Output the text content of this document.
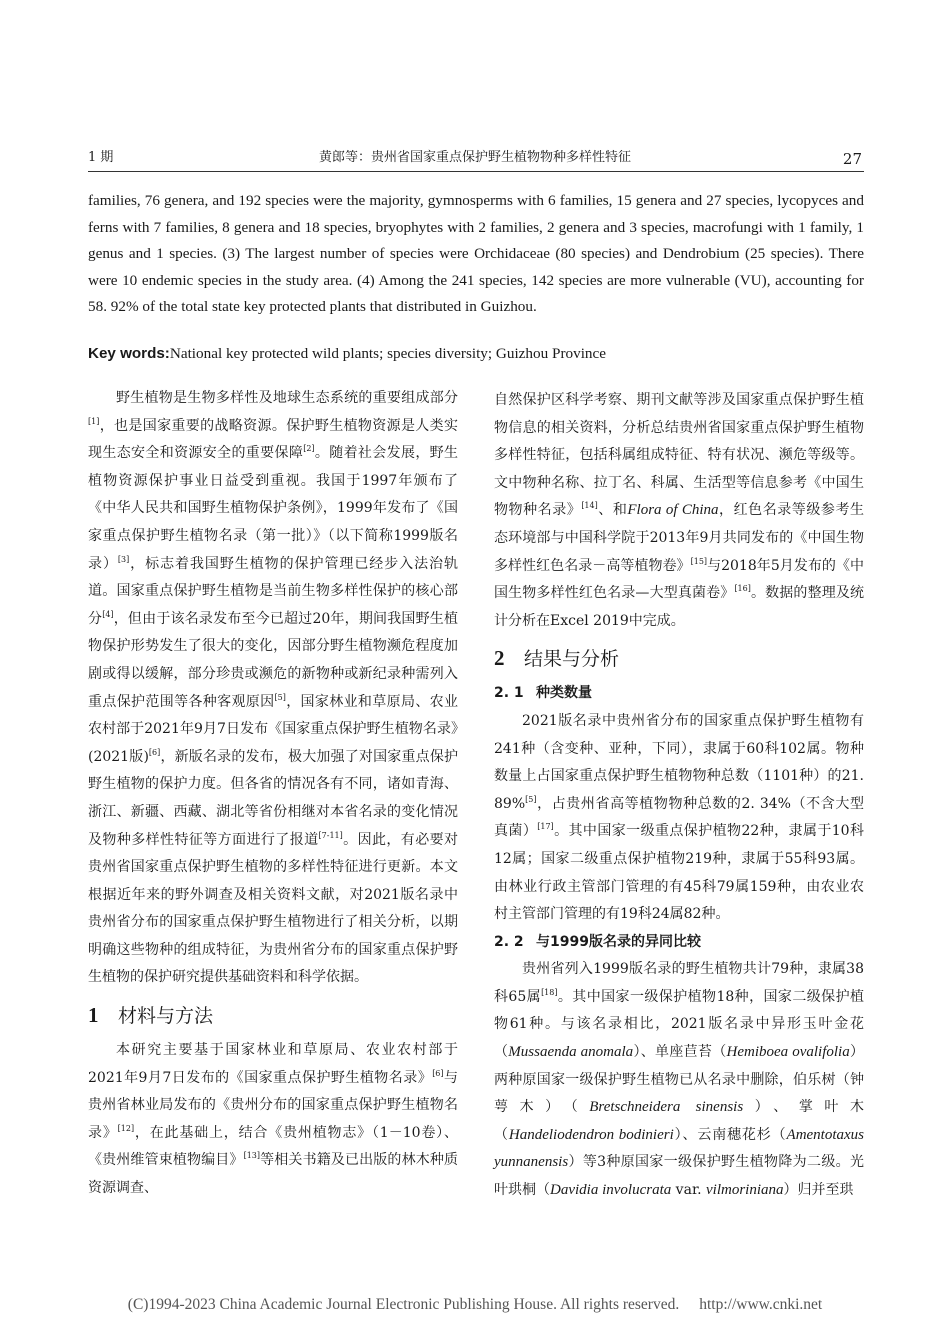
1 期	黄郎等：贵州省国家重点保护野生植物物种多样性特征	27
families, 76 genera, and 192 species were the majority, gymnosperms with 6 families, 15 genera and 27 species, lycopyces and ferns with 7 families, 8 genera and 18 species, bryophytes with 2 families, 2 genera and 3 species, macrofungi with 1 family, 1 genus and 1 species. (3) The largest number of species were Orchidaceae (80 species) and Dendrobium (25 species). There were 10 endemic species in the study area. (4) Among the 241 species, 142 species are more vulnerable (VU), accounting for 58. 92% of the total state key protected plants that distributed in Guizhou.
Key words:National key protected wild plants; species diversity; Guizhou Province

野生植物是生物多样性及地球生态系统的重要组成部分[1]，也是国家重要的战略资源。保护野生植物资源是人类实现生态安全和资源安全的重要保障[2]。随着社会发展，野生植物资源保护事业日益受到重视。我国于1997年颁布了《中华人民共和国野生植物保护条例》，1999年发布了《国家重点保护野生植物名录（第一批）》（以下简称1999版名录）[3]，标志着我国野生植物的保护管理已经步入法治轨道。国家重点保护野生植物是当前生物多样性保护的核心部分[4]，但由于该名录发布至今已超过20年，期间我国野生植物保护形势发生了很大的变化，因部分野生植物濒危程度加剧或得以缓解，部分珍贵或濒危的新物种或新纪录种需列入重点保护范围等各种客观原因[5]，国家林业和草原局、农业农村部于2021年9月7日发布《国家重点保护野生植物名录》(2021版)[6]，新版名录的发布，极大加强了对国家重点保护野生植物的保护力度。但各省的情况各有不同，诸如青海、浙江、新疆、西藏、湖北等省份相继对本省名录的变化情况及物种多样性特征等方面进行了报道[7-11]。因此，有必要对贵州省国家重点保护野生植物的多样性特征进行更新。本文根据近年来的野外调查及相关资料文献，对2021版名录中贵州省分布的国家重点保护野生植物进行了相关分析，以期明确这些物种的组成特征，为贵州省分布的国家重点保护野生植物的保护研究提供基础资料和科学依据。

1 材料与方法

本研究主要基于国家林业和草原局、农业农村部于2021年9月7日发布的《国家重点保护野生植物名录》[6]与贵州省林业局发布的《贵州分布的国家重点保护野生植物名录》[12]，在此基础上，结合《贵州植物志》（1－10卷）、《贵州维管束植物编目》[13]等相关书籍及已出版的林木种质资源调查、

自然保护区科学考察、期刊文献等涉及国家重点保护野生植物信息的相关资料，分析总结贵州省国家重点保护野生植物多样性特征，包括科属组成特征、特有状况、濒危等级等。文中物种名称、拉丁名、科属、生活型等信息参考《中国生物物种名录》[14]、和Flora of China，红色名录等级参考生态环境部与中国科学院于2013年9月共同发布的《中国生物多样性红色名录－高等植物卷》[15]与2018年5月发布的《中国生物多样性红色名录—大型真菌卷》[16]。数据的整理及统计分析在Excel 2019中完成。

2 结果与分析
2. 1 种类数量

2021版名录中贵州省分布的国家重点保护野生植物有241种（含变种、亚种，下同），隶属于60科102属。物种数量上占国家重点保护野生植物物种总数（1101种）的21. 89%[5]，占贵州省高等植物物种总数的2. 34%（不含大型真菌）[17]。其中国家一级重点保护植物22种，隶属于10科12属；国家二级重点保护植物219种，隶属于55科93属。由林业行政主管部门管理的有45科79属159种，由农业农村主管部门管理的有19科24属82种。

2. 2 与1999版名录的异同比较

贵州省列入1999版名录的野生植物共计79种，隶属38科65属[18]。其中国家一级保护植物18种，国家二级保护植物61种。与该名录相比，2021版名录中异形玉叶金花（Mussaenda anomala）、单座苣苔（Hemiboea ovalifolia）两种原国家一级保护野生植物已从名录中删除，伯乐树（钟萼木）（Bretschneidera sinensis）、掌叶木（Handeliodendron bodinieri）、云南穗花杉（Amentotaxus yunnanensis）等3种原国家一级保护野生植物降为二级。光叶珙桐（Davidia involucrata var. vilmoriniana）归并至珙

(C)1994-2023 China Academic Journal Electronic Publishing House. All rights reserved. http://www.cnki.net
